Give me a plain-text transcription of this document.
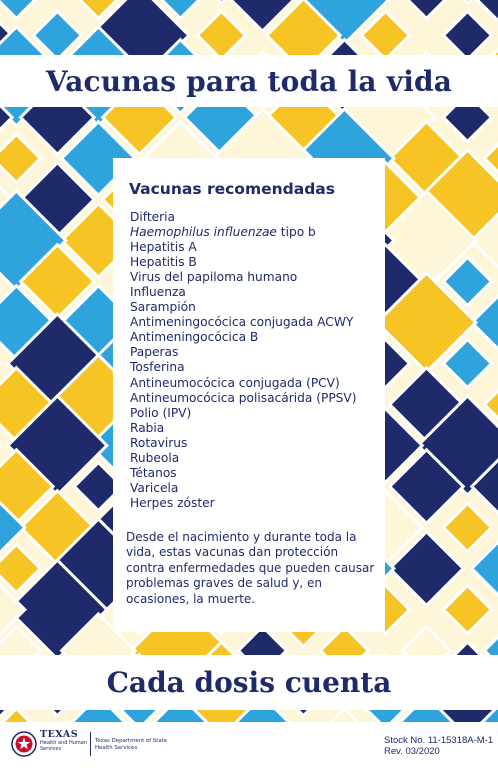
Vacunas para toda la vida
Vacunas recomendadas
Difteria
Haemophilus influenzae tipo b
Hepatitis A
Hepatitis B
Virus del papiloma humano
Influenza
Sarampión
Antimeningocócica conjugada ACWY
Antimeningocócica B
Paperas
Tosferina
Antineumocócica conjugada (PCV)
Antineumocócica polisacárida (PPSV)
Polio (IPV)
Rabia
Rotavirus
Rubeola
Tétanos
Varicela
Herpes zóster

Desde el nacimiento y durante toda la vida, estas vacunas dan protección contra enfermedades que pueden causar problemas graves de salud y, en ocasiones, la muerte.

Cada dosis cuenta
TEXAS
Health and Human Services
Texas Department of State Health Services
Stock No. 11-15318A-M-1
Rev. 03/2020
